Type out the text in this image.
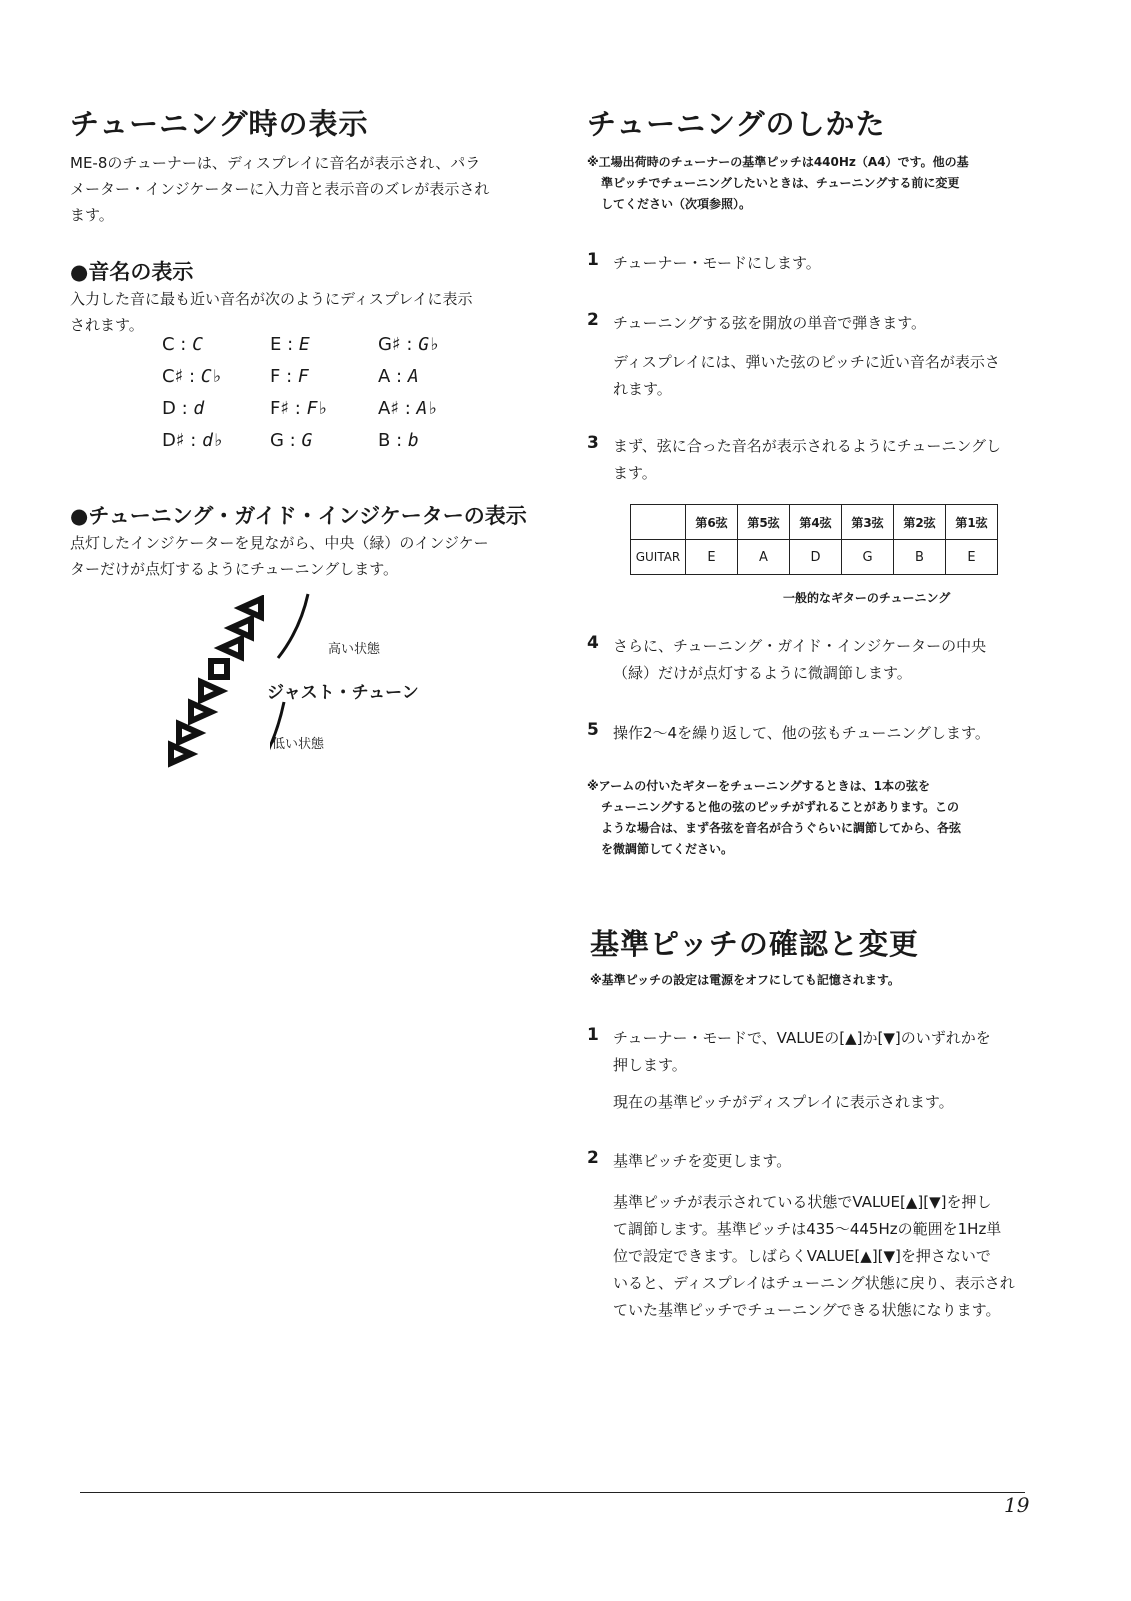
チューニング時の表示
ME-8のチューナーは、ディスプレイに音名が表示され、パラ
メーター・インジケーターに入力音と表示音のズレが表示され
ます。
●音名の表示
入力した音に最も近い音名が次のようにディスプレイに表示
されます。
C : C	E : E	G♯ : G♭
C♯ : C♭	F : F	A : A
D : d	F♯ : F♭	A♯ : A♭
D♯ : d♭	G : G	B : b
●チューニング・ガイド・インジケーターの表示
点灯したインジケーターを見ながら、中央（緑）のインジケー
ターだけが点灯するようにチューニングします。
高い状態
ジャスト・チューン
低い状態
チューニングのしかた
※工場出荷時のチューナーの基準ピッチは440Hz（A4）です。他の基
準ピッチでチューニングしたいときは、チューニングする前に変更
してください（次項参照）。
1 チューナー・モードにします。
2 チューニングする弦を開放の単音で弾きます。
ディスプレイには、弾いた弦のピッチに近い音名が表示さ
れます。
3 まず、弦に合った音名が表示されるようにチューニングし
ます。
	第6弦	第5弦	第4弦	第3弦	第2弦	第1弦
GUITAR	E	A	D	G	B	E
一般的なギターのチューニング
4 さらに、チューニング・ガイド・インジケーターの中央
（緑）だけが点灯するように微調節します。
5 操作2〜4を繰り返して、他の弦もチューニングします。
※アームの付いたギターをチューニングするときは、1本の弦を
チューニングすると他の弦のピッチがずれることがあります。この
ような場合は、まず各弦を音名が合うぐらいに調節してから、各弦
を微調節してください。
基準ピッチの確認と変更
※基準ピッチの設定は電源をオフにしても記憶されます。
1 チューナー・モードで、VALUEの[▲]か[▼]のいずれかを
押します。
現在の基準ピッチがディスプレイに表示されます。
2 基準ピッチを変更します。
基準ピッチが表示されている状態でVALUE[▲][▼]を押し
て調節します。基準ピッチは435〜445Hzの範囲を1Hz単
位で設定できます。しばらくVALUE[▲][▼]を押さないで
いると、ディスプレイはチューニング状態に戻り、表示され
ていた基準ピッチでチューニングできる状態になります。
19
